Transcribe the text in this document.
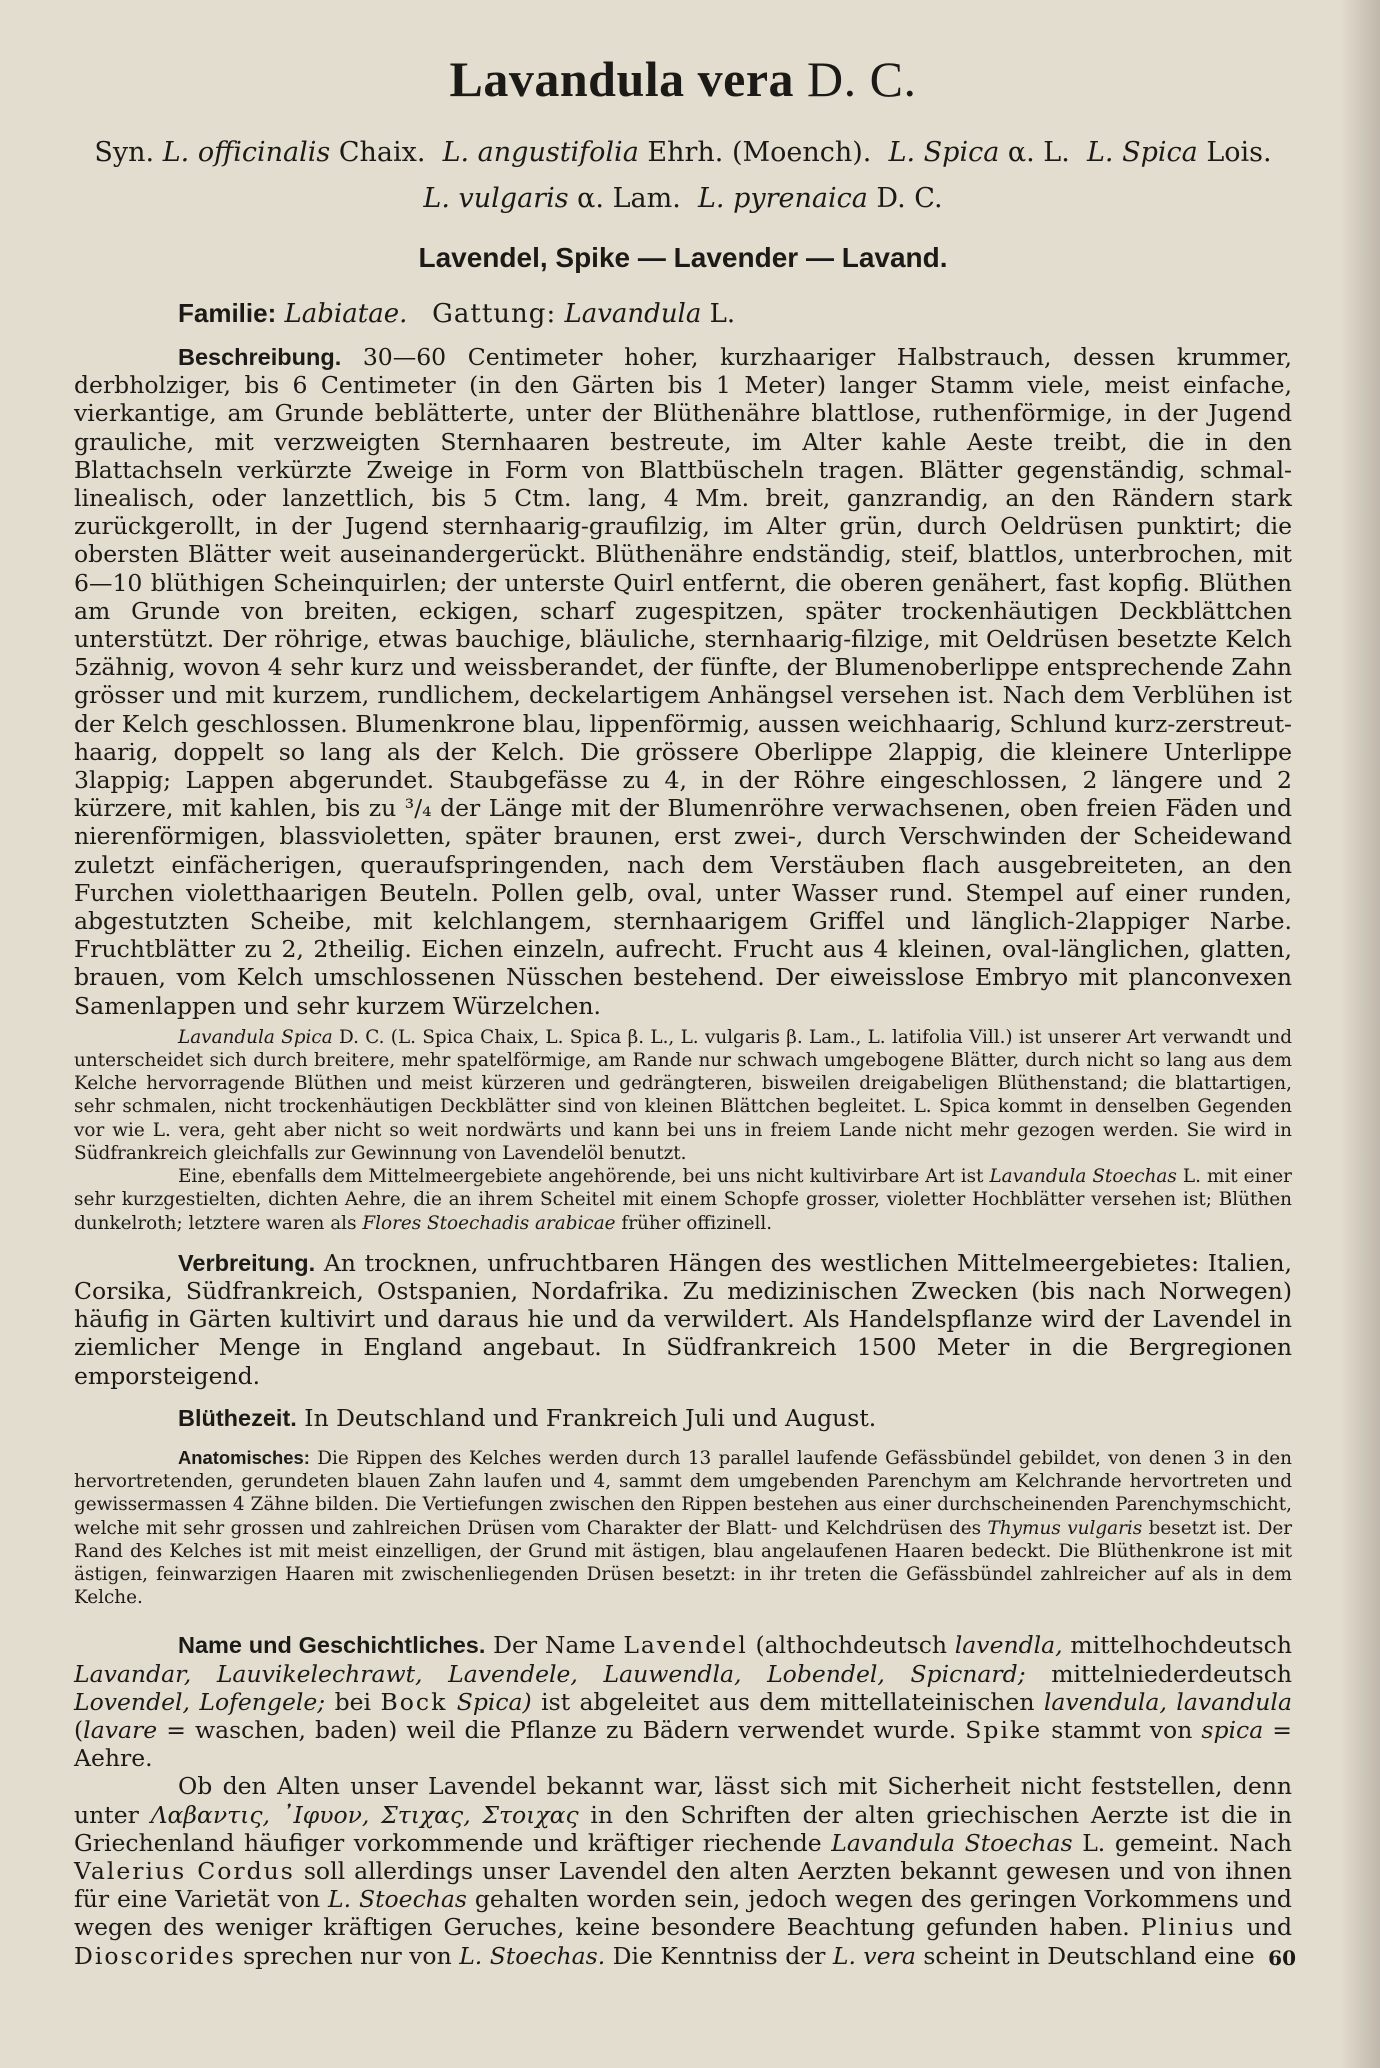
Lavandula vera D. C.
Syn. L. officinalis Chaix. L. angustifolia Ehrh. (Moench). L. Spica α. L. L. Spica Lois.
L. vulgaris α. Lam. L. pyrenaica D. C.
Lavendel, Spike — Lavender — Lavand.
Familie: Labiatae. Gattung: Lavandula L.

Beschreibung. 30—60 Centimeter hoher, kurzhaariger Halbstrauch, dessen krummer, derbholziger, bis 6 Centimeter (in den Gärten bis 1 Meter) langer Stamm viele, meist einfache, vierkantige, am Grunde beblätterte, unter der Blüthenähre blattlose, ruthenförmige, in der Jugend grauliche, mit verzweigten Sternhaaren bestreute, im Alter kahle Aeste treibt, die in den Blattachseln verkürzte Zweige in Form von Blattbüscheln tragen. Blätter gegenständig, schmal-linealisch, oder lanzettlich, bis 5 Ctm. lang, 4 Mm. breit, ganzrandig, an den Rändern stark zurückgerollt, in der Jugend sternhaarig-graufilzig, im Alter grün, durch Oeldrüsen punktirt; die obersten Blätter weit auseinandergerückt. Blüthenähre endständig, steif, blattlos, unterbrochen, mit 6—10 blüthigen Scheinquirlen; der unterste Quirl entfernt, die oberen genähert, fast kopfig. Blüthen am Grunde von breiten, eckigen, scharf zugespitzen, später trockenhäutigen Deckblättchen unterstützt. Der röhrige, etwas bauchige, bläuliche, sternhaarig-filzige, mit Oeldrüsen besetzte Kelch 5zähnig, wovon 4 sehr kurz und weissberandet, der fünfte, der Blumenoberlippe entsprechende Zahn grösser und mit kurzem, rundlichem, deckelartigem Anhängsel versehen ist. Nach dem Verblühen ist der Kelch geschlossen. Blumenkrone blau, lippenförmig, aussen weichhaarig, Schlund kurz-zerstreut-haarig, doppelt so lang als der Kelch. Die grössere Oberlippe 2lappig, die kleinere Unterlippe 3lappig; Lappen abgerundet. Staubgefässe zu 4, in der Röhre eingeschlossen, 2 längere und 2 kürzere, mit kahlen, bis zu ³/₄ der Länge mit der Blumenröhre verwachsenen, oben freien Fäden und nierenförmigen, blassvioletten, später braunen, erst zwei-, durch Verschwinden der Scheidewand zuletzt einfächerigen, queraufspringenden, nach dem Verstäuben flach ausgebreiteten, an den Furchen violetthaarigen Beuteln. Pollen gelb, oval, unter Wasser rund. Stempel auf einer runden, abgestutzten Scheibe, mit kelchlangem, sternhaarigem Griffel und länglich-2lappiger Narbe. Fruchtblätter zu 2, 2theilig. Eichen einzeln, aufrecht. Frucht aus 4 kleinen, oval-länglichen, glatten, brauen, vom Kelch umschlossenen Nüsschen bestehend. Der eiweisslose Embryo mit planconvexen Samenlappen und sehr kurzem Würzelchen.

Lavandula Spica D. C. (L. Spica Chaix, L. Spica β. L., L. vulgaris β. Lam., L. latifolia Vill.) ist unserer Art verwandt und unterscheidet sich durch breitere, mehr spatelförmige, am Rande nur schwach umgebogene Blätter, durch nicht so lang aus dem Kelche hervorragende Blüthen und meist kürzeren und gedrängteren, bisweilen dreigabeligen Blüthenstand; die blattartigen, sehr schmalen, nicht trockenhäutigen Deckblätter sind von kleinen Blättchen begleitet. L. Spica kommt in denselben Gegenden vor wie L. vera, geht aber nicht so weit nordwärts und kann bei uns in freiem Lande nicht mehr gezogen werden. Sie wird in Südfrankreich gleichfalls zur Gewinnung von Lavendelöl benutzt.

Eine, ebenfalls dem Mittelmeergebiete angehörende, bei uns nicht kultivirbare Art ist Lavandula Stoechas L. mit einer sehr kurzgestielten, dichten Aehre, die an ihrem Scheitel mit einem Schopfe grosser, violetter Hochblätter versehen ist; Blüthen dunkelroth; letztere waren als Flores Stoechadis arabicae früher offizinell.

Verbreitung. An trocknen, unfruchtbaren Hängen des westlichen Mittelmeergebietes: Italien, Corsika, Südfrankreich, Ostspanien, Nordafrika. Zu medizinischen Zwecken (bis nach Norwegen) häufig in Gärten kultivirt und daraus hie und da verwildert. Als Handelspflanze wird der Lavendel in ziemlicher Menge in England angebaut. In Südfrankreich 1500 Meter in die Bergregionen emporsteigend.

Blüthezeit. In Deutschland und Frankreich Juli und August.

Anatomisches: Die Rippen des Kelches werden durch 13 parallel laufende Gefässbündel gebildet, von denen 3 in den hervortretenden, gerundeten blauen Zahn laufen und 4, sammt dem umgebenden Parenchym am Kelchrande hervortreten und gewissermassen 4 Zähne bilden. Die Vertiefungen zwischen den Rippen bestehen aus einer durchscheinenden Parenchymschicht, welche mit sehr grossen und zahlreichen Drüsen vom Charakter der Blatt- und Kelchdrüsen des Thymus vulgaris besetzt ist. Der Rand des Kelches ist mit meist einzelligen, der Grund mit ästigen, blau angelaufenen Haaren bedeckt. Die Blüthenkrone ist mit ästigen, feinwarzigen Haaren mit zwischenliegenden Drüsen besetzt: in ihr treten die Gefässbündel zahlreicher auf als in dem Kelche.

Name und Geschichtliches. Der Name Lavendel (althochdeutsch lavendla, mittelhochdeutsch Lavandar, Lauvikelechrawt, Lavendele, Lauwendla, Lobendel, Spicnard; mittelniederdeutsch Lovendel, Lofengele; bei Bock Spica) ist abgeleitet aus dem mittellateinischen lavendula, lavandula (lavare = waschen, baden) weil die Pflanze zu Bädern verwendet wurde. Spike stammt von spica = Aehre.

Ob den Alten unser Lavendel bekannt war, lässt sich mit Sicherheit nicht feststellen, denn unter Λαβαντις, ᾿Ιφυον, Στιχας, Στοιχας in den Schriften der alten griechischen Aerzte ist die in Griechenland häufiger vorkommende und kräftiger riechende Lavandula Stoechas L. gemeint. Nach Valerius Cordus soll allerdings unser Lavendel den alten Aerzten bekannt gewesen und von ihnen für eine Varietät von L. Stoechas gehalten worden sein, jedoch wegen des geringen Vorkommens und wegen des weniger kräftigen Geruches, keine besondere Beachtung gefunden haben. Plinius und Dioscorides sprechen nur von L. Stoechas. Die Kenntniss der L. vera scheint in Deutschland eine 60
